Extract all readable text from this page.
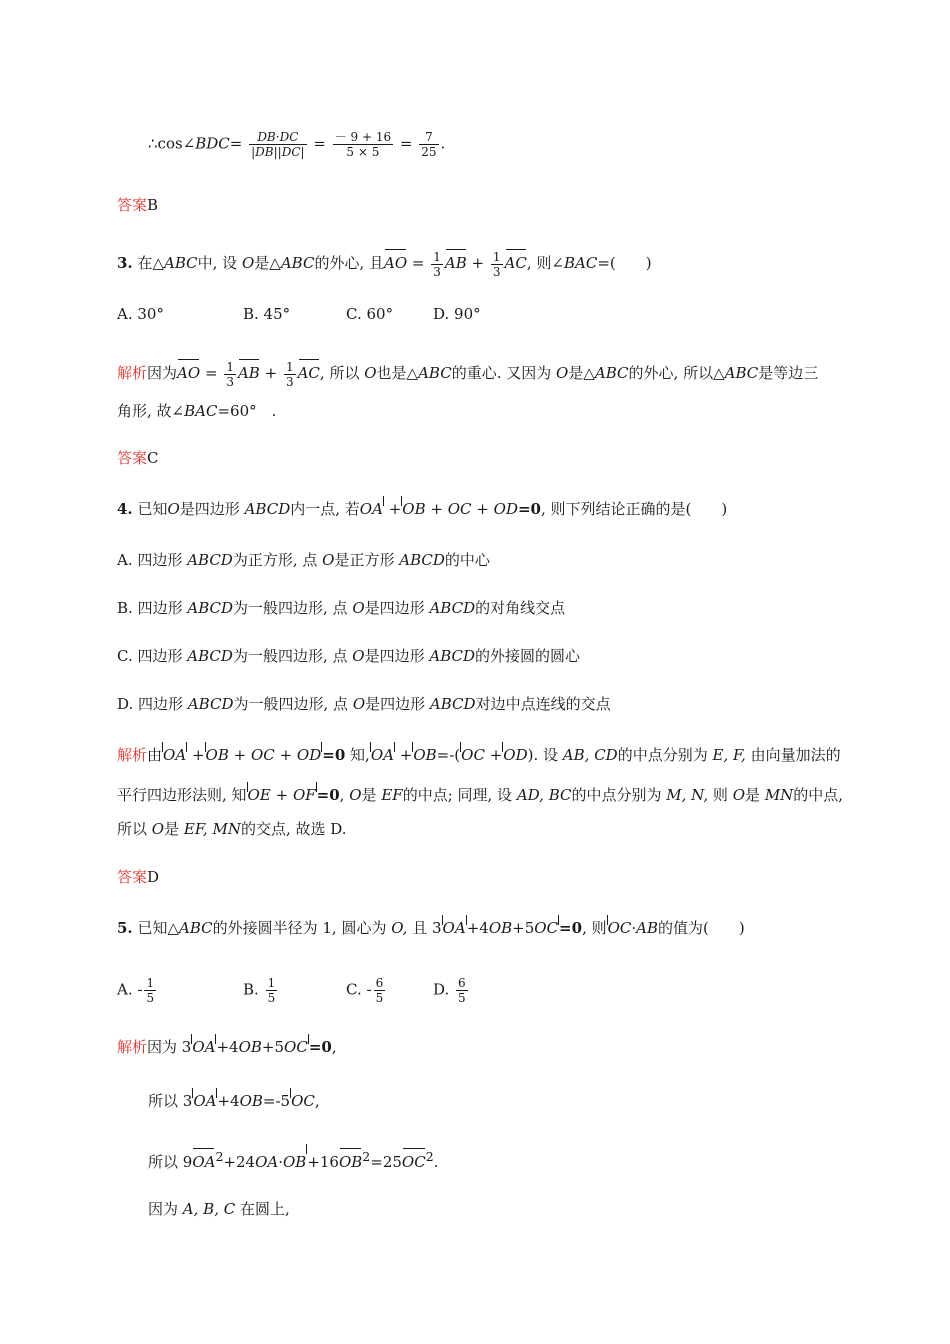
∴cos∠BDC= $\frac{DB\cdot DC}{|DB||DC|} = \frac{- 9 + 16}{5 \times 5} = \frac{7}{25}$ .
答案B
3. 在△ABC中, 设 O是△ABC的外心, 且AO = $\frac{1}{3}$ AB + $\frac{1}{3}$ AC, 则∠BAC=(　　)
A. 30°	B. 45°	C. 60°	D. 90°
解析因为AO = $\frac{1}{3}$ AB + $\frac{1}{3}$ AC, 所以 O也是△ABC的重心. 又因为 O是△ABC的外心, 所以△ABC是等边三
角形, 故∠BAC=60°　.
答案C
4. 已知O是四边形 ABCD内一点, 若OA +OB + OC + OD=0, 则下列结论正确的是(　　)
A. 四边形 ABCD为正方形, 点 O是正方形 ABCD的中心
B. 四边形 ABCD为一般四边形, 点 O是四边形 ABCD的对角线交点
C. 四边形 ABCD为一般四边形, 点 O是四边形 ABCD的外接圆的圆心
D. 四边形 ABCD为一般四边形, 点 O是四边形 ABCD对边中点连线的交点
解析由OA +OB + OC + OD=0 知,OA +OB=-(OC +OD). 设 AB, CD的中点分别为 E, F, 由向量加法的
平行四边形法则, 知OE + OF=0, O是 EF的中点; 同理, 设 AD, BC的中点分别为 M, N, 则 O是 MN的中点,
所以 O是 EF, MN的交点, 故选 D.
答案D
5. 已知△ABC的外接圆半径为 1, 圆心为 O, 且 3OA+4OB+5OC=0, 则OC·AB的值为(　　)
A. - $\frac{1}{5}$	B. $\frac{1}{5}$	C. - $\frac{6}{5}$	D. $\frac{6}{5}$
解析因为 3OA+4OB+5OC=0,
所以 3OA+4OB=-5OC,
所以 $9OA^2+24OA\cdot OB+16OB^2=25OC^2$.
因为 A, B, C 在圆上,
